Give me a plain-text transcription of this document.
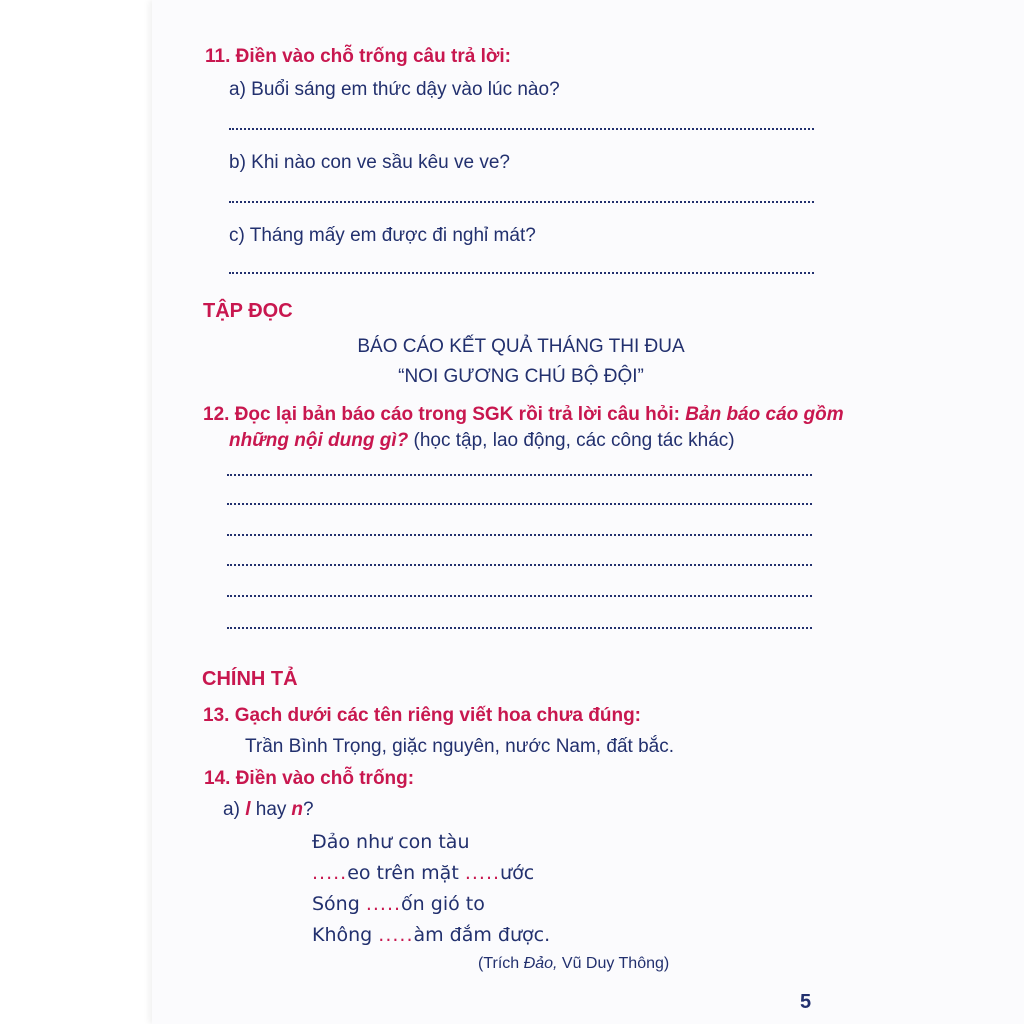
11. Điền vào chỗ trống câu trả lời:
a) Buổi sáng em thức dậy vào lúc nào?
b) Khi nào con ve sầu kêu ve ve?
c) Tháng mấy em được đi nghỉ mát?
TẬP ĐỌC
BÁO CÁO KẾT QUẢ THÁNG THI ĐUA
“NOI GƯƠNG CHÚ BỘ ĐỘI”
12. Đọc lại bản báo cáo trong SGK rồi trả lời câu hỏi: Bản báo cáo gồm
những nội dung gì? (học tập, lao động, các công tác khác)
CHÍNH TẢ
13. Gạch dưới các tên riêng viết hoa chưa đúng:
Trần Bình Trọng, giặc nguyên, nước Nam, đất bắc.
14. Điền vào chỗ trống:
a) l hay n?
Đảo như con tàu
.....eo trên mặt .....ước
Sóng .....ốn gió to
Không .....àm đắm được.
(Trích Đảo, Vũ Duy Thông)
5
